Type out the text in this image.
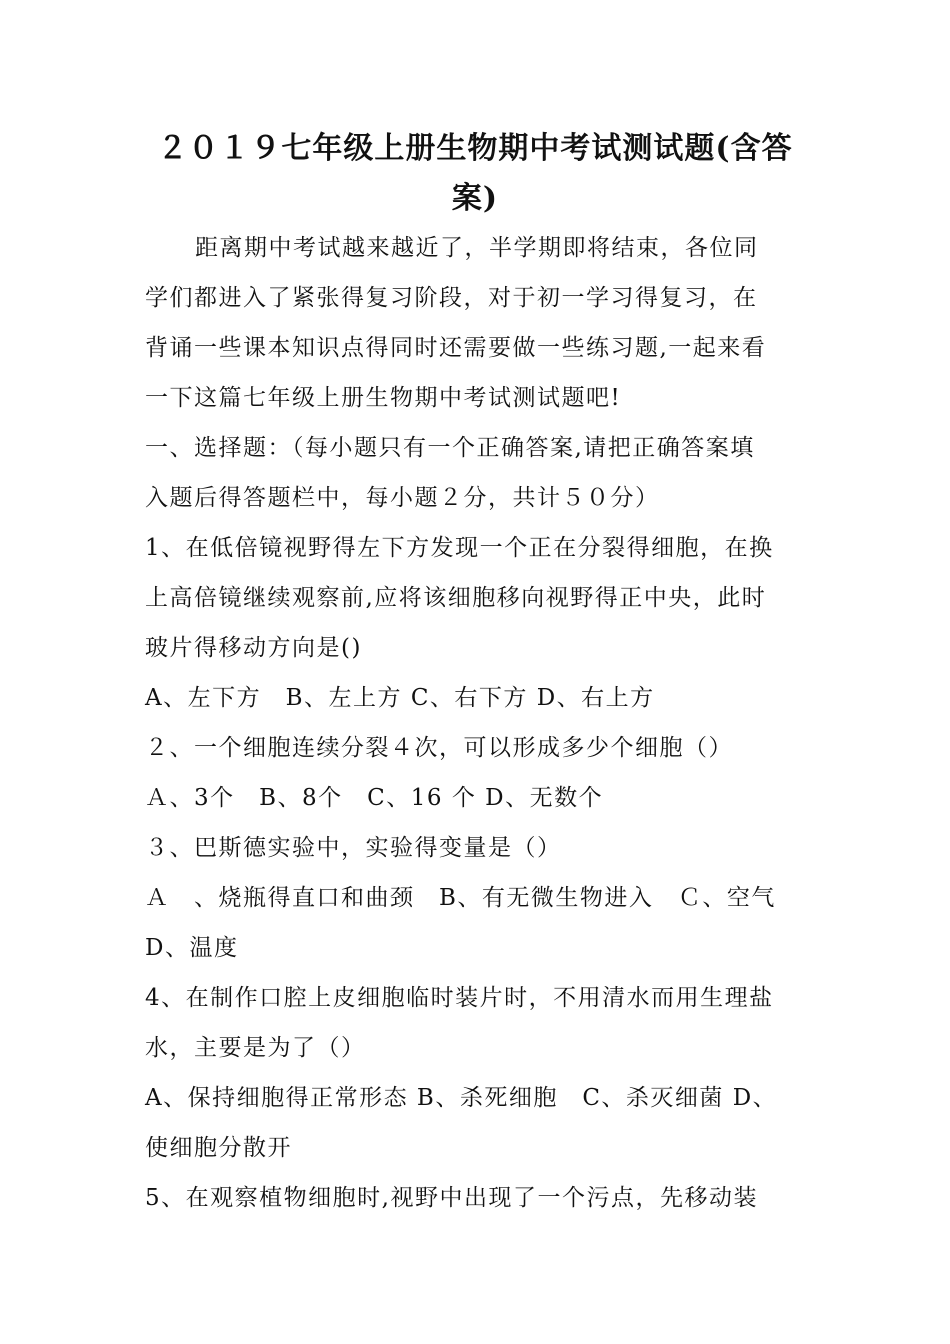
２０１９七年级上册生物期中考试测试题(含答
案)
距离期中考试越来越近了，半学期即将结束，各位同
学们都进入了紧张得复习阶段，对于初一学习得复习，在
背诵一些课本知识点得同时还需要做一些练习题,一起来看
一下这篇七年级上册生物期中考试测试题吧!
一、选择题：（每小题只有一个正确答案,请把正确答案填
入题后得答题栏中，每小题２分，共计５０分）
1、在低倍镜视野得左下方发现一个正在分裂得细胞，在换
上高倍镜继续观察前,应将该细胞移向视野得正中央，此时
玻片得移动方向是()
A、左下方　B、左上方 C、右下方 D、右上方
２、一个细胞连续分裂４次，可以形成多少个细胞（）
Ａ、3个　B、8个　C、16 个 D、无数个
３、巴斯德实验中，实验得变量是（）
Ａ　、烧瓶得直口和曲颈　B、有无微生物进入　Ｃ、空气
D、温度
4、在制作口腔上皮细胞临时装片时，不用清水而用生理盐
水，主要是为了（）
A、保持细胞得正常形态 B、杀死细胞　C、杀灭细菌 D、
使细胞分散开
5、在观察植物细胞时,视野中出现了一个污点，先移动装
